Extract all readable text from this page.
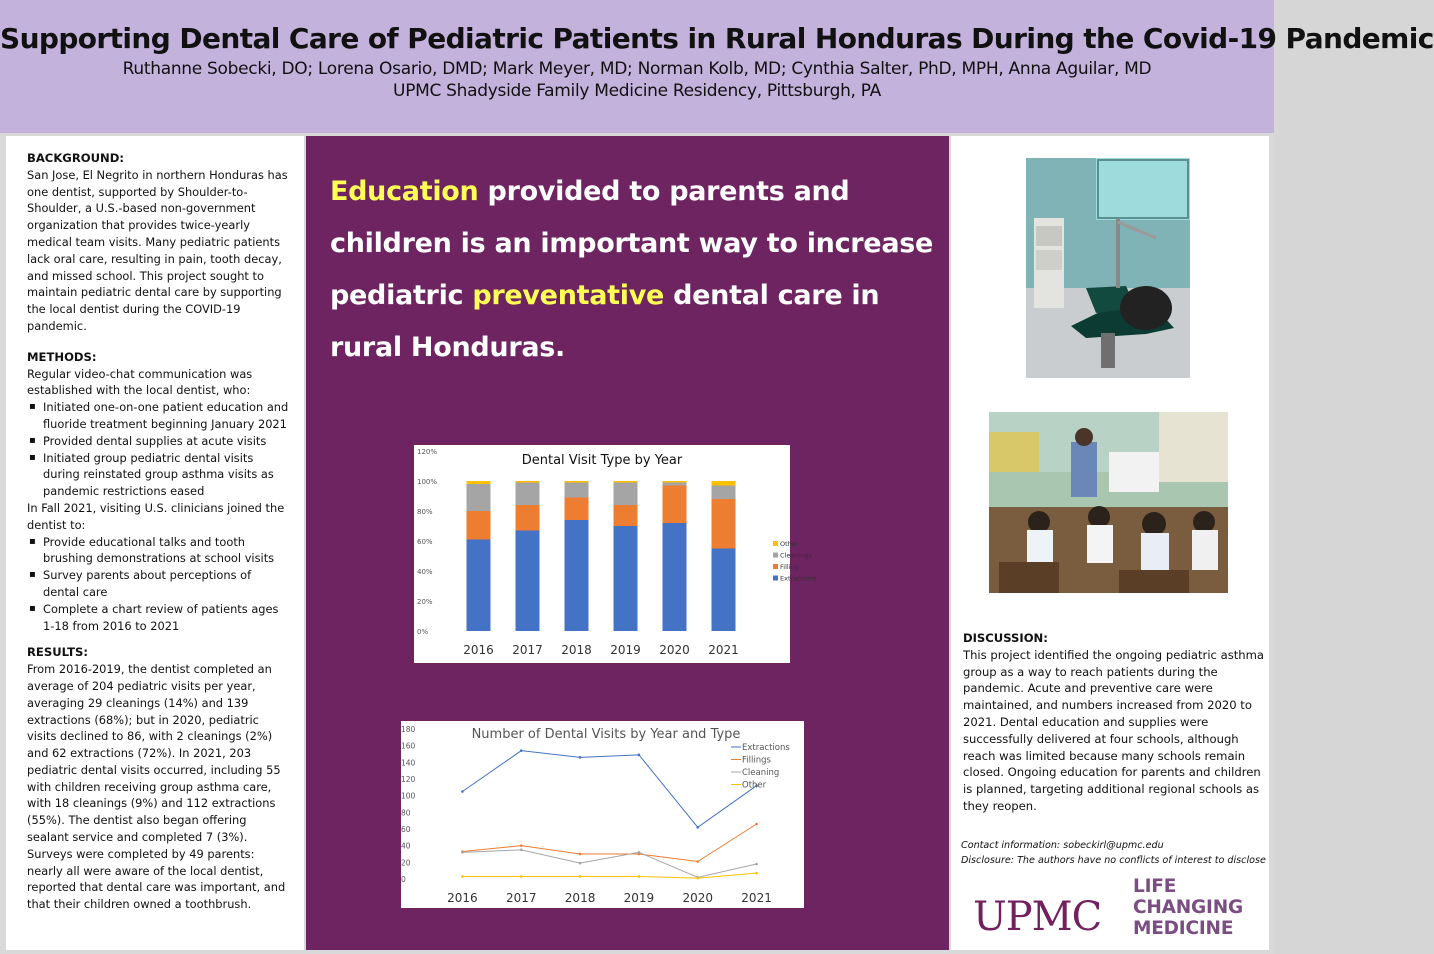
Supporting Dental Care of Pediatric Patients in Rural Honduras During the Covid-19 Pandemic
Ruthanne Sobecki, DO; Lorena Osario, DMD; Mark Meyer, MD; Norman Kolb, MD; Cynthia Salter, PhD, MPH, Anna Aguilar, MD
UPMC Shadyside Family Medicine Residency, Pittsburgh, PA
BACKGROUND:

San Jose, El Negrito in northern Honduras has one dentist, supported by Shoulder-to-Shoulder, a U.S.-based non-government organization that provides twice-yearly medical team visits. Many pediatric patients lack oral care, resulting in pain, tooth decay, and missed school. This project sought to maintain pediatric dental care by supporting the local dentist during the COVID-19 pandemic.

METHODS:

Regular video-chat communication was established with the local dentist, who:

▪ Initiated one-on-one patient education and fluoride treatment beginning January 2021
▪ Provided dental supplies at acute visits
▪ Initiated group pediatric dental visits during reinstated group asthma visits as pandemic restrictions eased

In Fall 2021, visiting U.S. clinicians joined the dentist to:

▪ Provide educational talks and tooth brushing demonstrations at school visits
▪ Survey parents about perceptions of dental care
▪ Complete a chart review of patients ages 1-18 from 2016 to 2021
RESULTS:

From 2016-2019, the dentist completed an average of 204 pediatric visits per year, averaging 29 cleanings (14%) and 139 extractions (68%); but in 2020, pediatric visits declined to 86, with 2 cleanings (2%) and 62 extractions (72%). In 2021, 203 pediatric dental visits occurred, including 55 with children receiving group asthma care, with 18 cleanings (9%) and 112 extractions (55%). The dentist also began offering sealant service and completed 7 (3%). Surveys were completed by 49 parents: nearly all were aware of the local dentist, reported that dental care was important, and that their children owned a toothbrush.

Education provided to parents and children is an important way to increase pediatric preventative dental care in rural Honduras.
0%
20%
40%
60%
80%
100%
120%
Dental Visit Type by Year
2016 2017 2018 2019 2020 2021
Other
Cleanings
Filling
Extractions
0
20
40
60
80
100
120
140
160
180	Number of Dental Visits by Year and Type
2016 2017 2018 2019 2020 2021
Extractions
Fillings
Cleaning
Other
DISCUSSION:

This project identified the ongoing pediatric asthma group as a way to reach patients during the pandemic. Acute and preventive care were maintained, and numbers increased from 2020 to 2021. Dental education and supplies were successfully delivered at four schools, although reach was limited because many schools remain closed. Ongoing education for parents and children is planned, targeting additional regional schools as they reopen.

Contact information: sobeckirl@upmc.edu
Disclosure: The authors have no conflicts of interest to disclose
UPMC
LIFE
CHANGING
MEDICINE
